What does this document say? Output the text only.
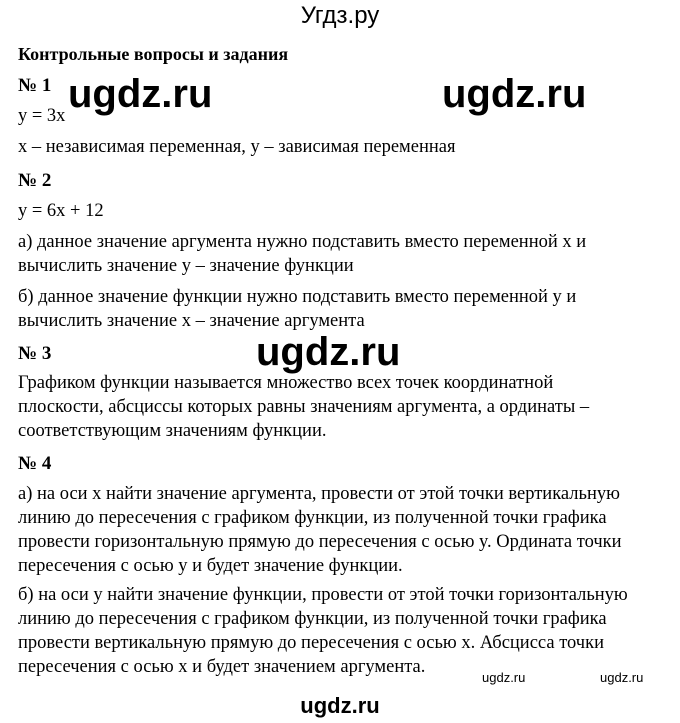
Угдз.ру
Контрольные вопросы и задания
№ 1
y = 3x
x – независимая переменная, y – зависимая переменная
№ 2
y = 6x + 12
а) данное значение аргумента нужно подставить вместо переменной x и
вычислить значение y – значение функции
б) данное значение функции нужно подставить вместо переменной y и
вычислить значение x – значение аргумента
№ 3
Графиком функции называется множество всех точек координатной
плоскости, абсциссы которых равны значениям аргумента, а ординаты –
соответствующим значениям функции.
№ 4
а) на оси x найти значение аргумента, провести от этой точки вертикальную
линию до пересечения с графиком функции, из полученной точки графика
провести горизонтальную прямую до пересечения с осью y. Ордината точки
пересечения с осью y и будет значение функции.
б) на оси y найти значение функции, провести от этой точки горизонтальную
линию до пересечения с графиком функции, из полученной точки графика
провести вертикальную прямую до пересечения с осью x. Абсцисса точки
пересечения с осью x и будет значением аргумента.
ugdz.ru	ugdz.ru
ugdz.ru
ugdz.ru	ugdz.ru
ugdz.ru
